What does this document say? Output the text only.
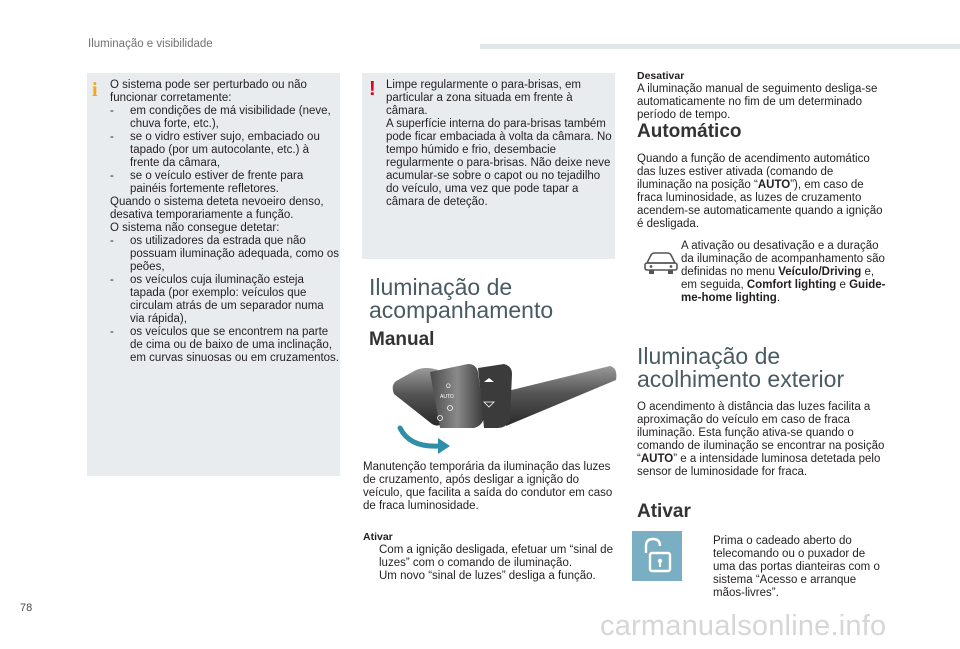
Iluminação e visibilidade
i O sistema pode ser perturbado ou não funcionar corretamente:
- em condições de má visibilidade (neve, chuva forte, etc.),
- se o vidro estiver sujo, embaciado ou tapado (por um autocolante, etc.) à frente da câmara,
- se o veículo estiver de frente para painéis fortemente refletores.
Quando o sistema deteta nevoeiro denso, desativa temporariamente a função.
O sistema não consegue detetar:
- os utilizadores da estrada que não possuam iluminação adequada, como os peões,
- os veículos cuja iluminação esteja tapada (por exemplo: veículos que circulam atrás de um separador numa via rápida),
- os veículos que se encontrem na parte de cima ou de baixo de uma inclinação, em curvas sinuosas ou em cruzamentos.
! Limpe regularmente o para-brisas, em particular a zona situada em frente à câmara.
A superfície interna do para-brisas também pode ficar embaciada à volta da câmara. No tempo húmido e frio, desembacie regularmente o para-brisas. Não deixe neve acumular-se sobre o capot ou no tejadilho do veículo, uma vez que pode tapar a câmara de deteção.
Iluminação de
acompanhamento
Manual
O
AUTO
Manutenção temporária da iluminação das luzes de cruzamento, após desligar a ignição do veículo, que facilita a saída do condutor em caso de fraca luminosidade.
Ativar
Com a ignição desligada, efetuar um “sinal de luzes” com o comando de iluminação.
Um novo “sinal de luzes” desliga a função.
Desativar
A iluminação manual de seguimento desliga-se automaticamente no fim de um determinado período de tempo.
Automático
Quando a função de acendimento automático das luzes estiver ativada (comando de iluminação na posição “AUTO”), em caso de fraca luminosidade, as luzes de cruzamento acendem-se automaticamente quando a ignição é desligada.
A ativação ou desativação e a duração da iluminação de acompanhamento são definidas no menu Veículo/Driving e, em seguida, Comfort lighting e Guide-me-home lighting.
Iluminação de
acolhimento exterior
O acendimento à distância das luzes facilita a aproximação do veículo em caso de fraca iluminação. Esta função ativa-se quando o comando de iluminação se encontrar na posição “AUTO” e a intensidade luminosa detetada pelo sensor de luminosidade for fraca.
Ativar
Prima o cadeado aberto do telecomando ou o puxador de uma das portas dianteiras com o sistema “Acesso e arranque mãos-livres”.
78
carmanualsonline.info
